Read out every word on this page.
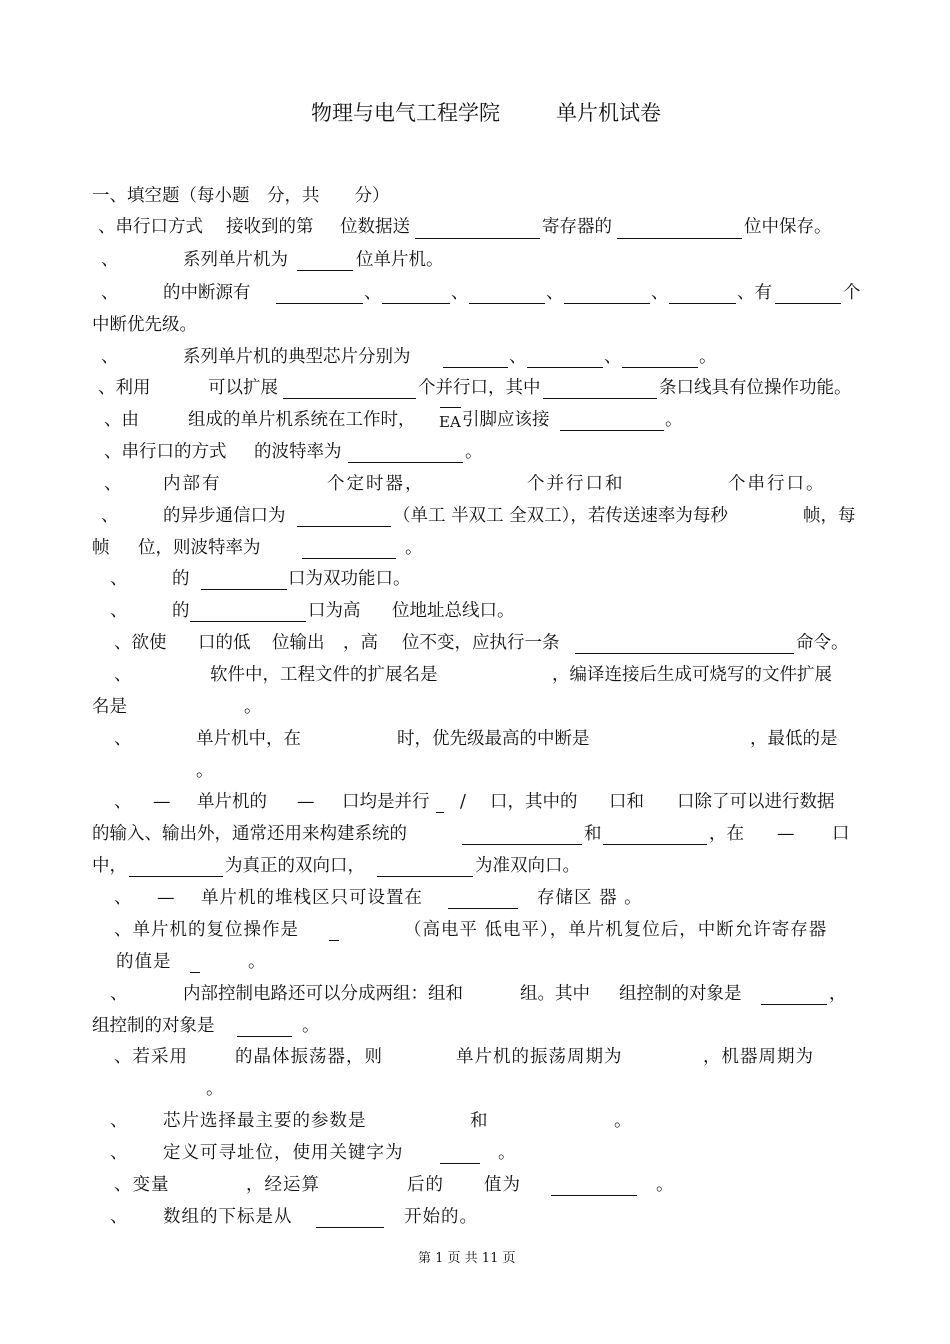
物理与电气工程学院	单片机试卷
一、填空题（每小题　分，共　　分）
、串行口方式 接收到的第 位数据送	寄存器的	位中保存。
、	系列单片机为	位单片机。
、	的中断源有	、	、	、	、	、有	个
中断优先级。
、	系列单片机的典型芯片分别为	、	、	。
、利用	可以扩展	个并行口，其中	条口线具有位操作功能。
、由	组成的单片机系统在工作时， EA 引脚应该接	。
、串行口的方式 的波特率为	。
、 内部有	个定时器，	个并行口和	个串行口。
、	的异步通信口为	（单工 半双工 全双工），若传送速率为每秒	帧，每
帧 位，则波特率为	。
、	的	口为双功能口。
、	的	口为高 位地址总线口。
、欲使 口的低 位输出 ，高 位不变，应执行一条	命令。
、	软件中，工程文件的扩展名是	，编译连接后生成可烧写的文件扩展
名是	。
、	单片机中，在	时，优先级最高的中断是	，最低的是
。
、 — 单片机的 — 口均是并行 / 口，其中的 口和 口除了可以进行数据
的输入、输出外，通常还用来构建系统的	和	，在 — 口
中，	为真正的双向口，	为准双向口。
、 — 单片机的堆栈区只可设置在	存储区 器 。
、单片机的复位操作是	（高电平 低电平），单片机复位后，中断允许寄存器
的值是	。
、	内部控制电路还可以分成两组：组和	组。其中 组控制的对象是	，
组控制的对象是	。
、若采用	的晶体振荡器，则	单片机的振荡周期为	，机器周期为
。
、 芯片选择最主要的参数是	和	。
、 定义可寻址位，使用关键字为	。
、变量	，经运算	后的 值为	。
、 数组的下标是从	开始的。
第 1 页 共 11 页
